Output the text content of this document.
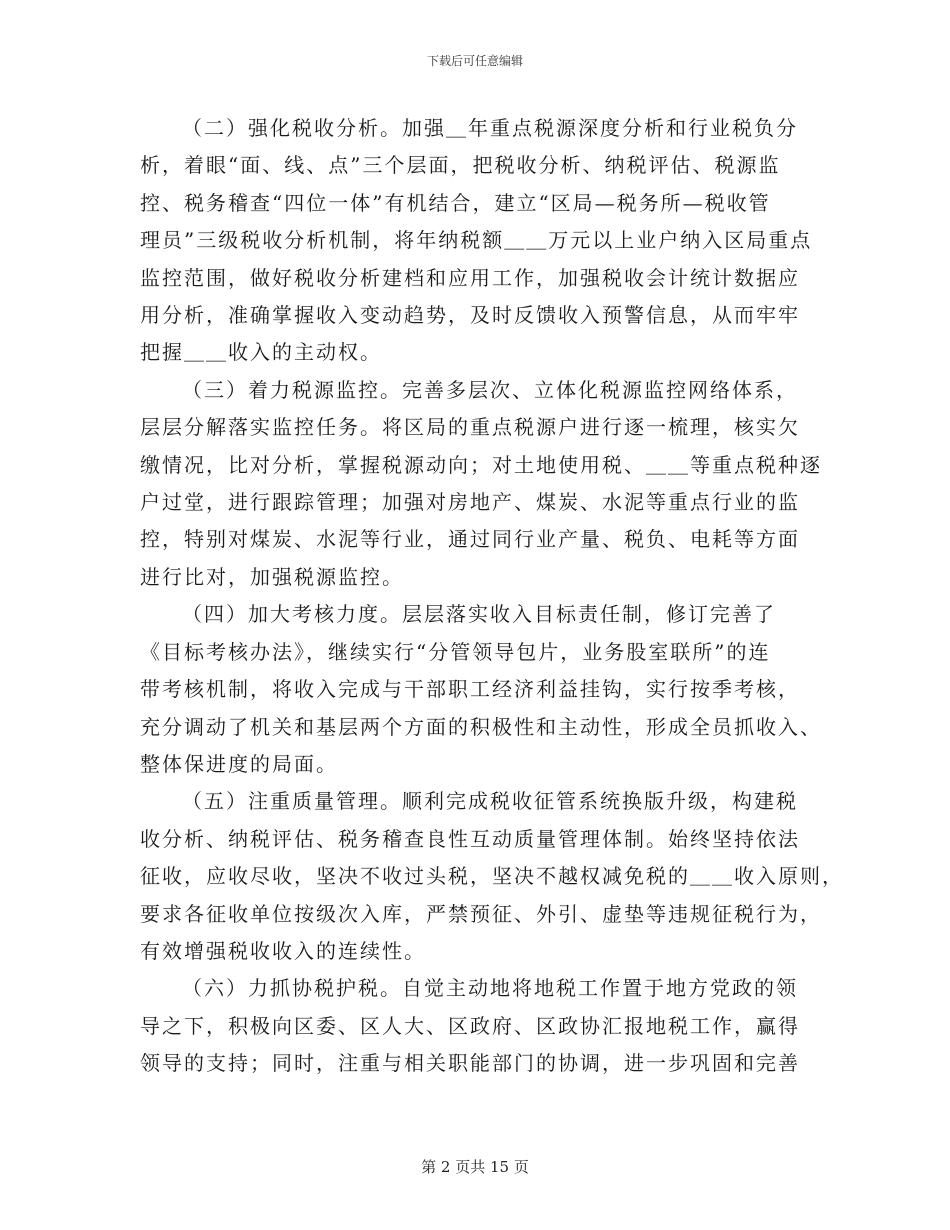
下载后可任意编辑
（二）强化税收分析。加强＿年重点税源深度分析和行业税负分
析，着眼“面、线、点”三个层面，把税收分析、纳税评估、税源监
控、税务稽查“四位一体”有机结合，建立“区局—税务所—税收管
理员”三级税收分析机制，将年纳税额＿＿万元以上业户纳入区局重点
监控范围，做好税收分析建档和应用工作，加强税收会计统计数据应
用分析，准确掌握收入变动趋势，及时反馈收入预警信息，从而牢牢
把握＿＿收入的主动权。
（三）着力税源监控。完善多层次、立体化税源监控网络体系，
层层分解落实监控任务。将区局的重点税源户进行逐一梳理，核实欠
缴情况，比对分析，掌握税源动向；对土地使用税、＿＿等重点税种逐
户过堂，进行跟踪管理；加强对房地产、煤炭、水泥等重点行业的监
控，特别对煤炭、水泥等行业，通过同行业产量、税负、电耗等方面
进行比对，加强税源监控。
（四）加大考核力度。层层落实收入目标责任制，修订完善了
《目标考核办法》，继续实行“分管领导包片，业务股室联所”的连
带考核机制，将收入完成与干部职工经济利益挂钩，实行按季考核，
充分调动了机关和基层两个方面的积极性和主动性，形成全员抓收入、
整体保进度的局面。
（五）注重质量管理。顺利完成税收征管系统换版升级，构建税
收分析、纳税评估、税务稽查良性互动质量管理体制。始终坚持依法
征收，应收尽收，坚决不收过头税，坚决不越权减免税的＿＿收入原则，
要求各征收单位按级次入库，严禁预征、外引、虚垫等违规征税行为，
有效增强税收收入的连续性。
（六）力抓协税护税。自觉主动地将地税工作置于地方党政的领
导之下，积极向区委、区人大、区政府、区政协汇报地税工作，赢得
领导的支持；同时，注重与相关职能部门的协调，进一步巩固和完善
第 2 页共 15 页
